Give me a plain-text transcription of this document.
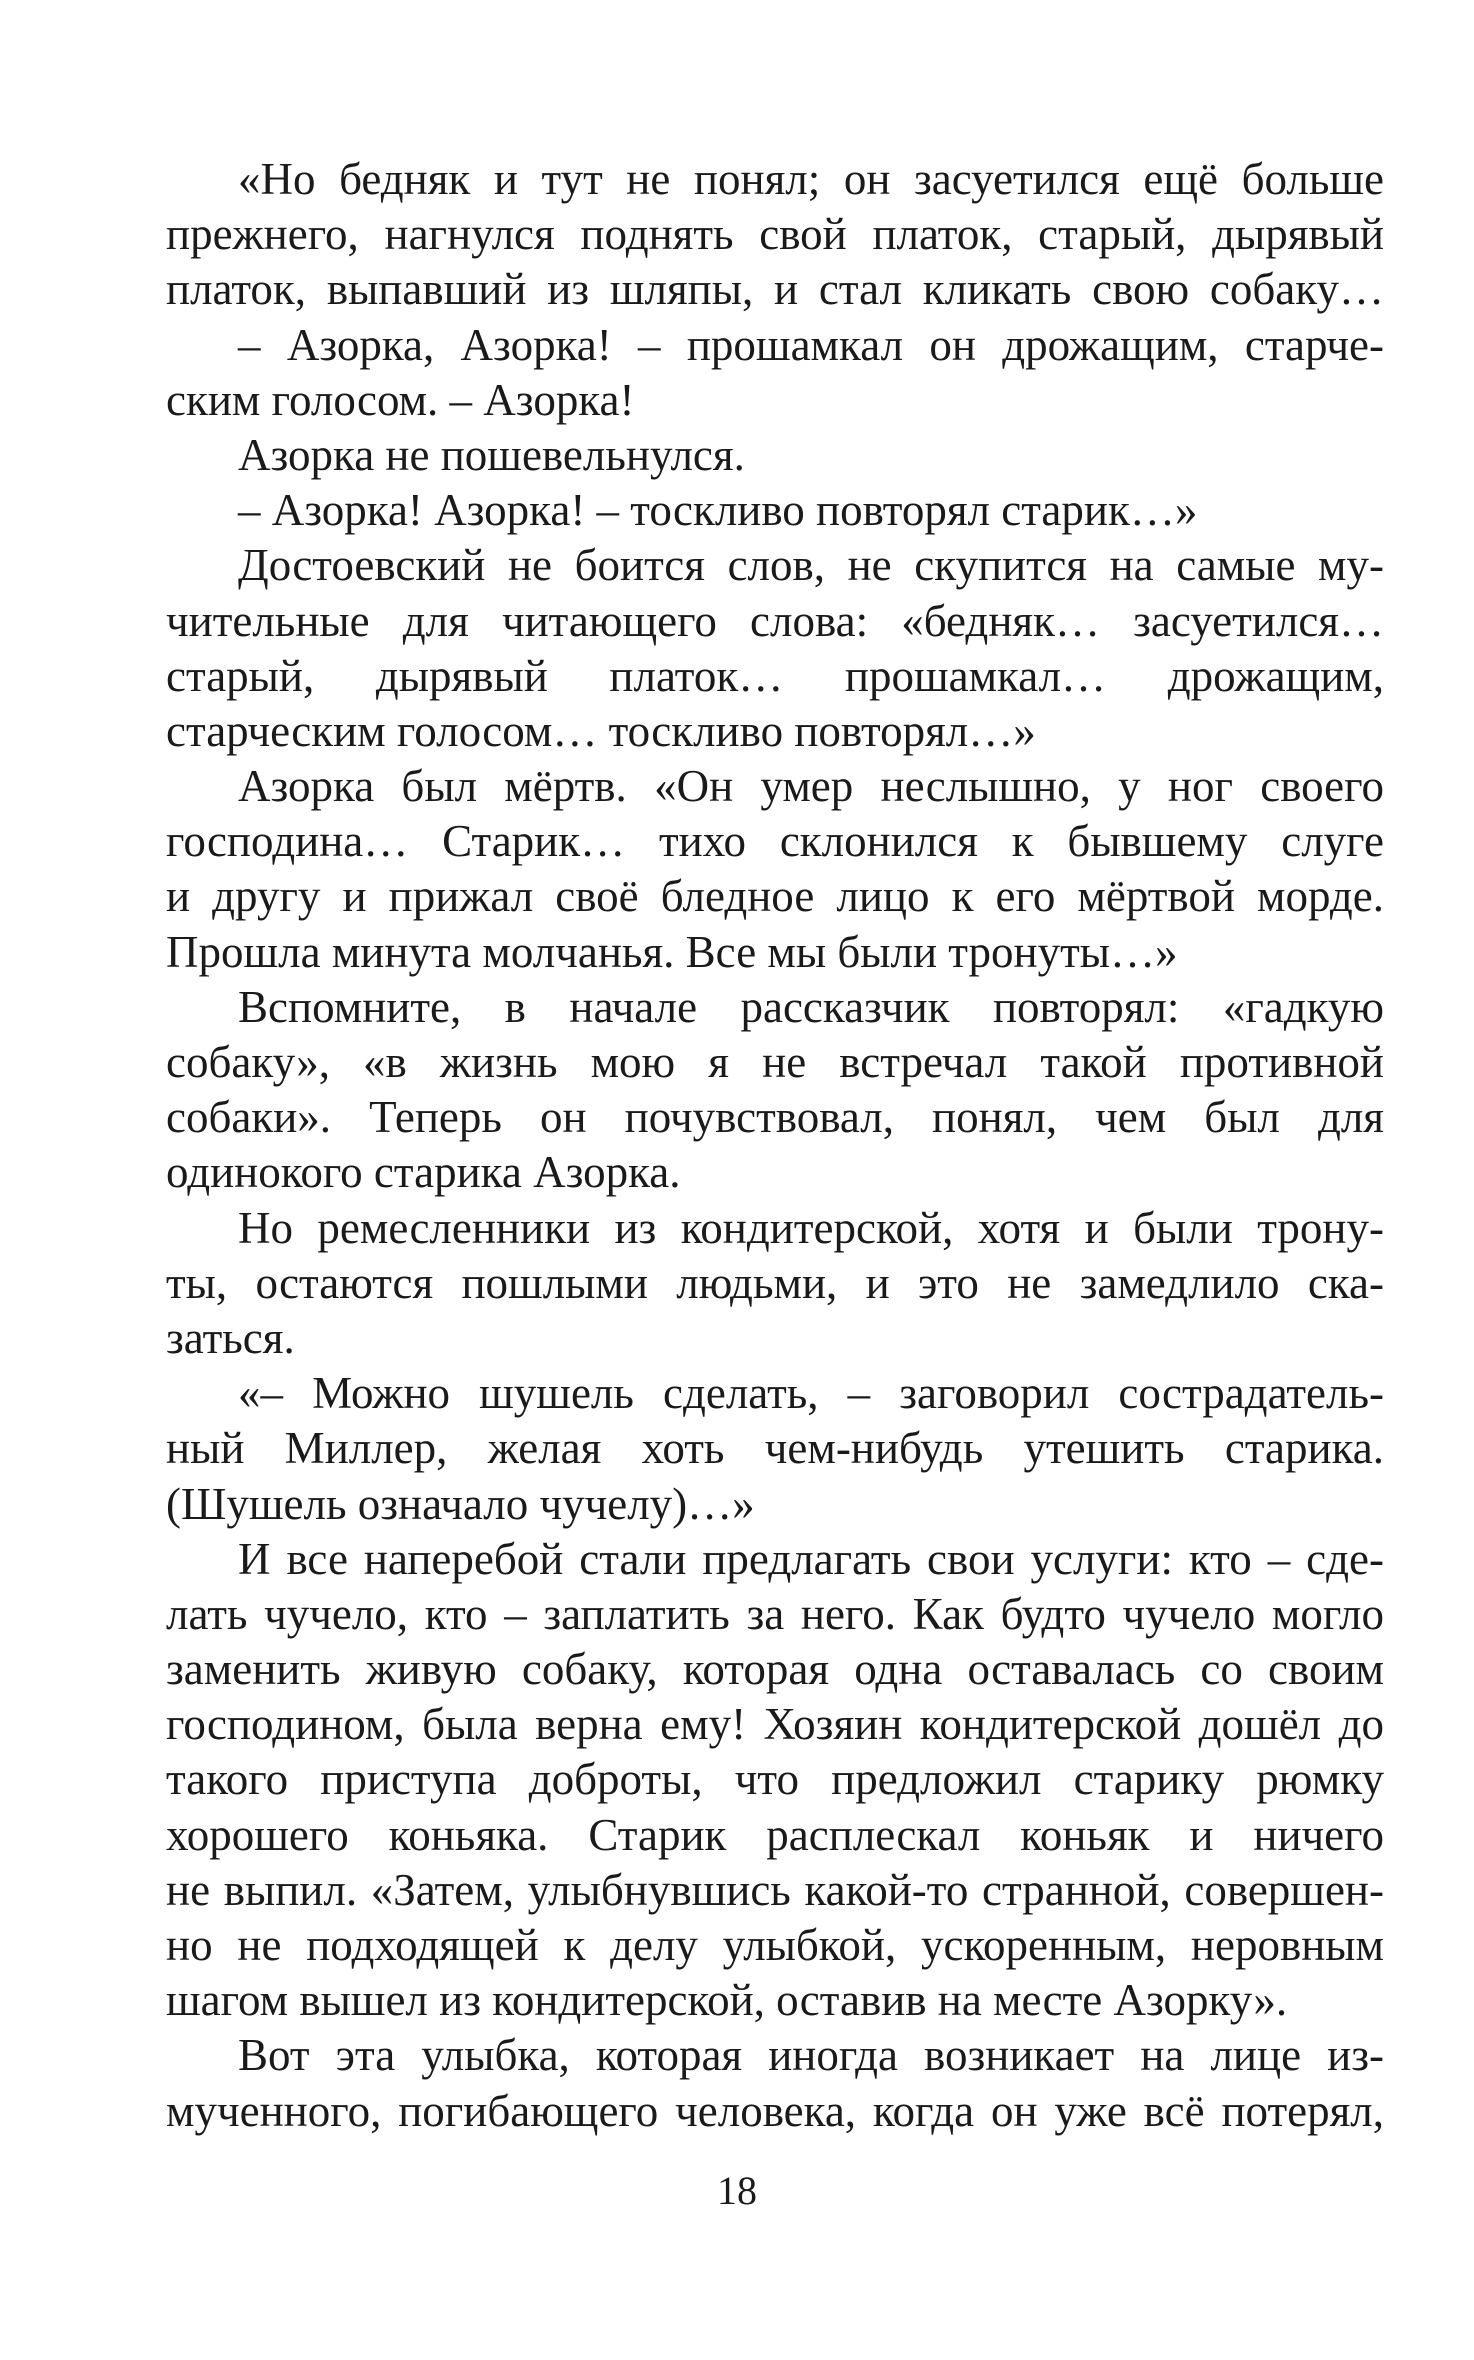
«Но бедняк и тут не понял; он засуетился ещё больше
прежнего, нагнулся поднять свой платок, старый, дырявый
платок, выпавший из шляпы, и стал кликать свою собаку…
– Азорка, Азорка! – прошамкал он дрожащим, старче-
ским голосом. – Азорка!
Азорка не пошевельнулся.
– Азорка! Азорка! – тоскливо повторял старик…»
Достоевский не боится слов, не скупится на самые му-
чительные для читающего слова: «бедняк… засуетился…
старый, дырявый платок… прошамкал… дрожащим,
старческим голосом… тоскливо повторял…»
Азорка был мёртв. «Он умер неслышно, у ног своего
господина… Старик… тихо склонился к бывшему слуге
и другу и прижал своё бледное лицо к его мёртвой морде.
Прошла минута молчанья. Все мы были тронуты…»
Вспомните, в начале рассказчик повторял: «гадкую
собаку», «в жизнь мою я не встречал такой противной
собаки». Теперь он почувствовал, понял, чем был для
одинокого старика Азорка.
Но ремесленники из кондитерской, хотя и были трону-
ты, остаются пошлыми людьми, и это не замедлило ска-
заться.
«– Можно шушель сделать, – заговорил сострадатель-
ный Миллер, желая хоть чем-нибудь утешить старика.
(Шушель означало чучелу)…»
И все наперебой стали предлагать свои услуги: кто – сде-
лать чучело, кто – заплатить за него. Как будто чучело могло
заменить живую собаку, которая одна оставалась со своим
господином, была верна ему! Хозяин кондитерской дошёл до
такого приступа доброты, что предложил старику рюмку
хорошего коньяка. Старик расплескал коньяк и ничего
не выпил. «Затем, улыбнувшись какой-то странной, совершен-
но не подходящей к делу улыбкой, ускоренным, неровным
шагом вышел из кондитерской, оставив на месте Азорку».
Вот эта улыбка, которая иногда возникает на лице из-
мученного, погибающего человека, когда он уже всё потерял,
18
